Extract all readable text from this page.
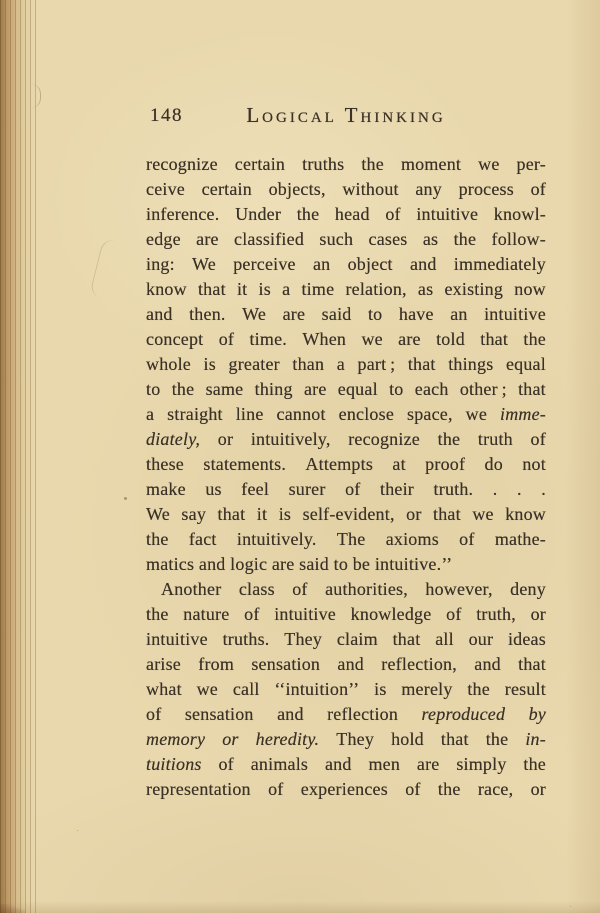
148	Logical Thinking
recognize certain truths the moment we per-
ceive certain objects, without any process of
inference. Under the head of intuitive knowl-
edge are classified such cases as the follow-
ing: We perceive an object and immediately
know that it is a time relation, as existing now
and then. We are said to have an intuitive
concept of time. When we are told that the
whole is greater than a part ; that things equal
to the same thing are equal to each other ; that
a straight line cannot enclose space, we imme-
diately, or intuitively, recognize the truth of
these statements. Attempts at proof do not
make us feel surer of their truth. . . .
We say that it is self-evident, or that we know
the fact intuitively. The axioms of mathe-
matics and logic are said to be intuitive.’’
Another class of authorities, however, deny
the nature of intuitive knowledge of truth, or
intuitive truths. They claim that all our ideas
arise from sensation and reflection, and that
what we call ‘‘intuition’’ is merely the result
of sensation and reflection reproduced by
memory or heredity. They hold that the in-
tuitions of animals and men are simply the
representation of experiences of the race, or
